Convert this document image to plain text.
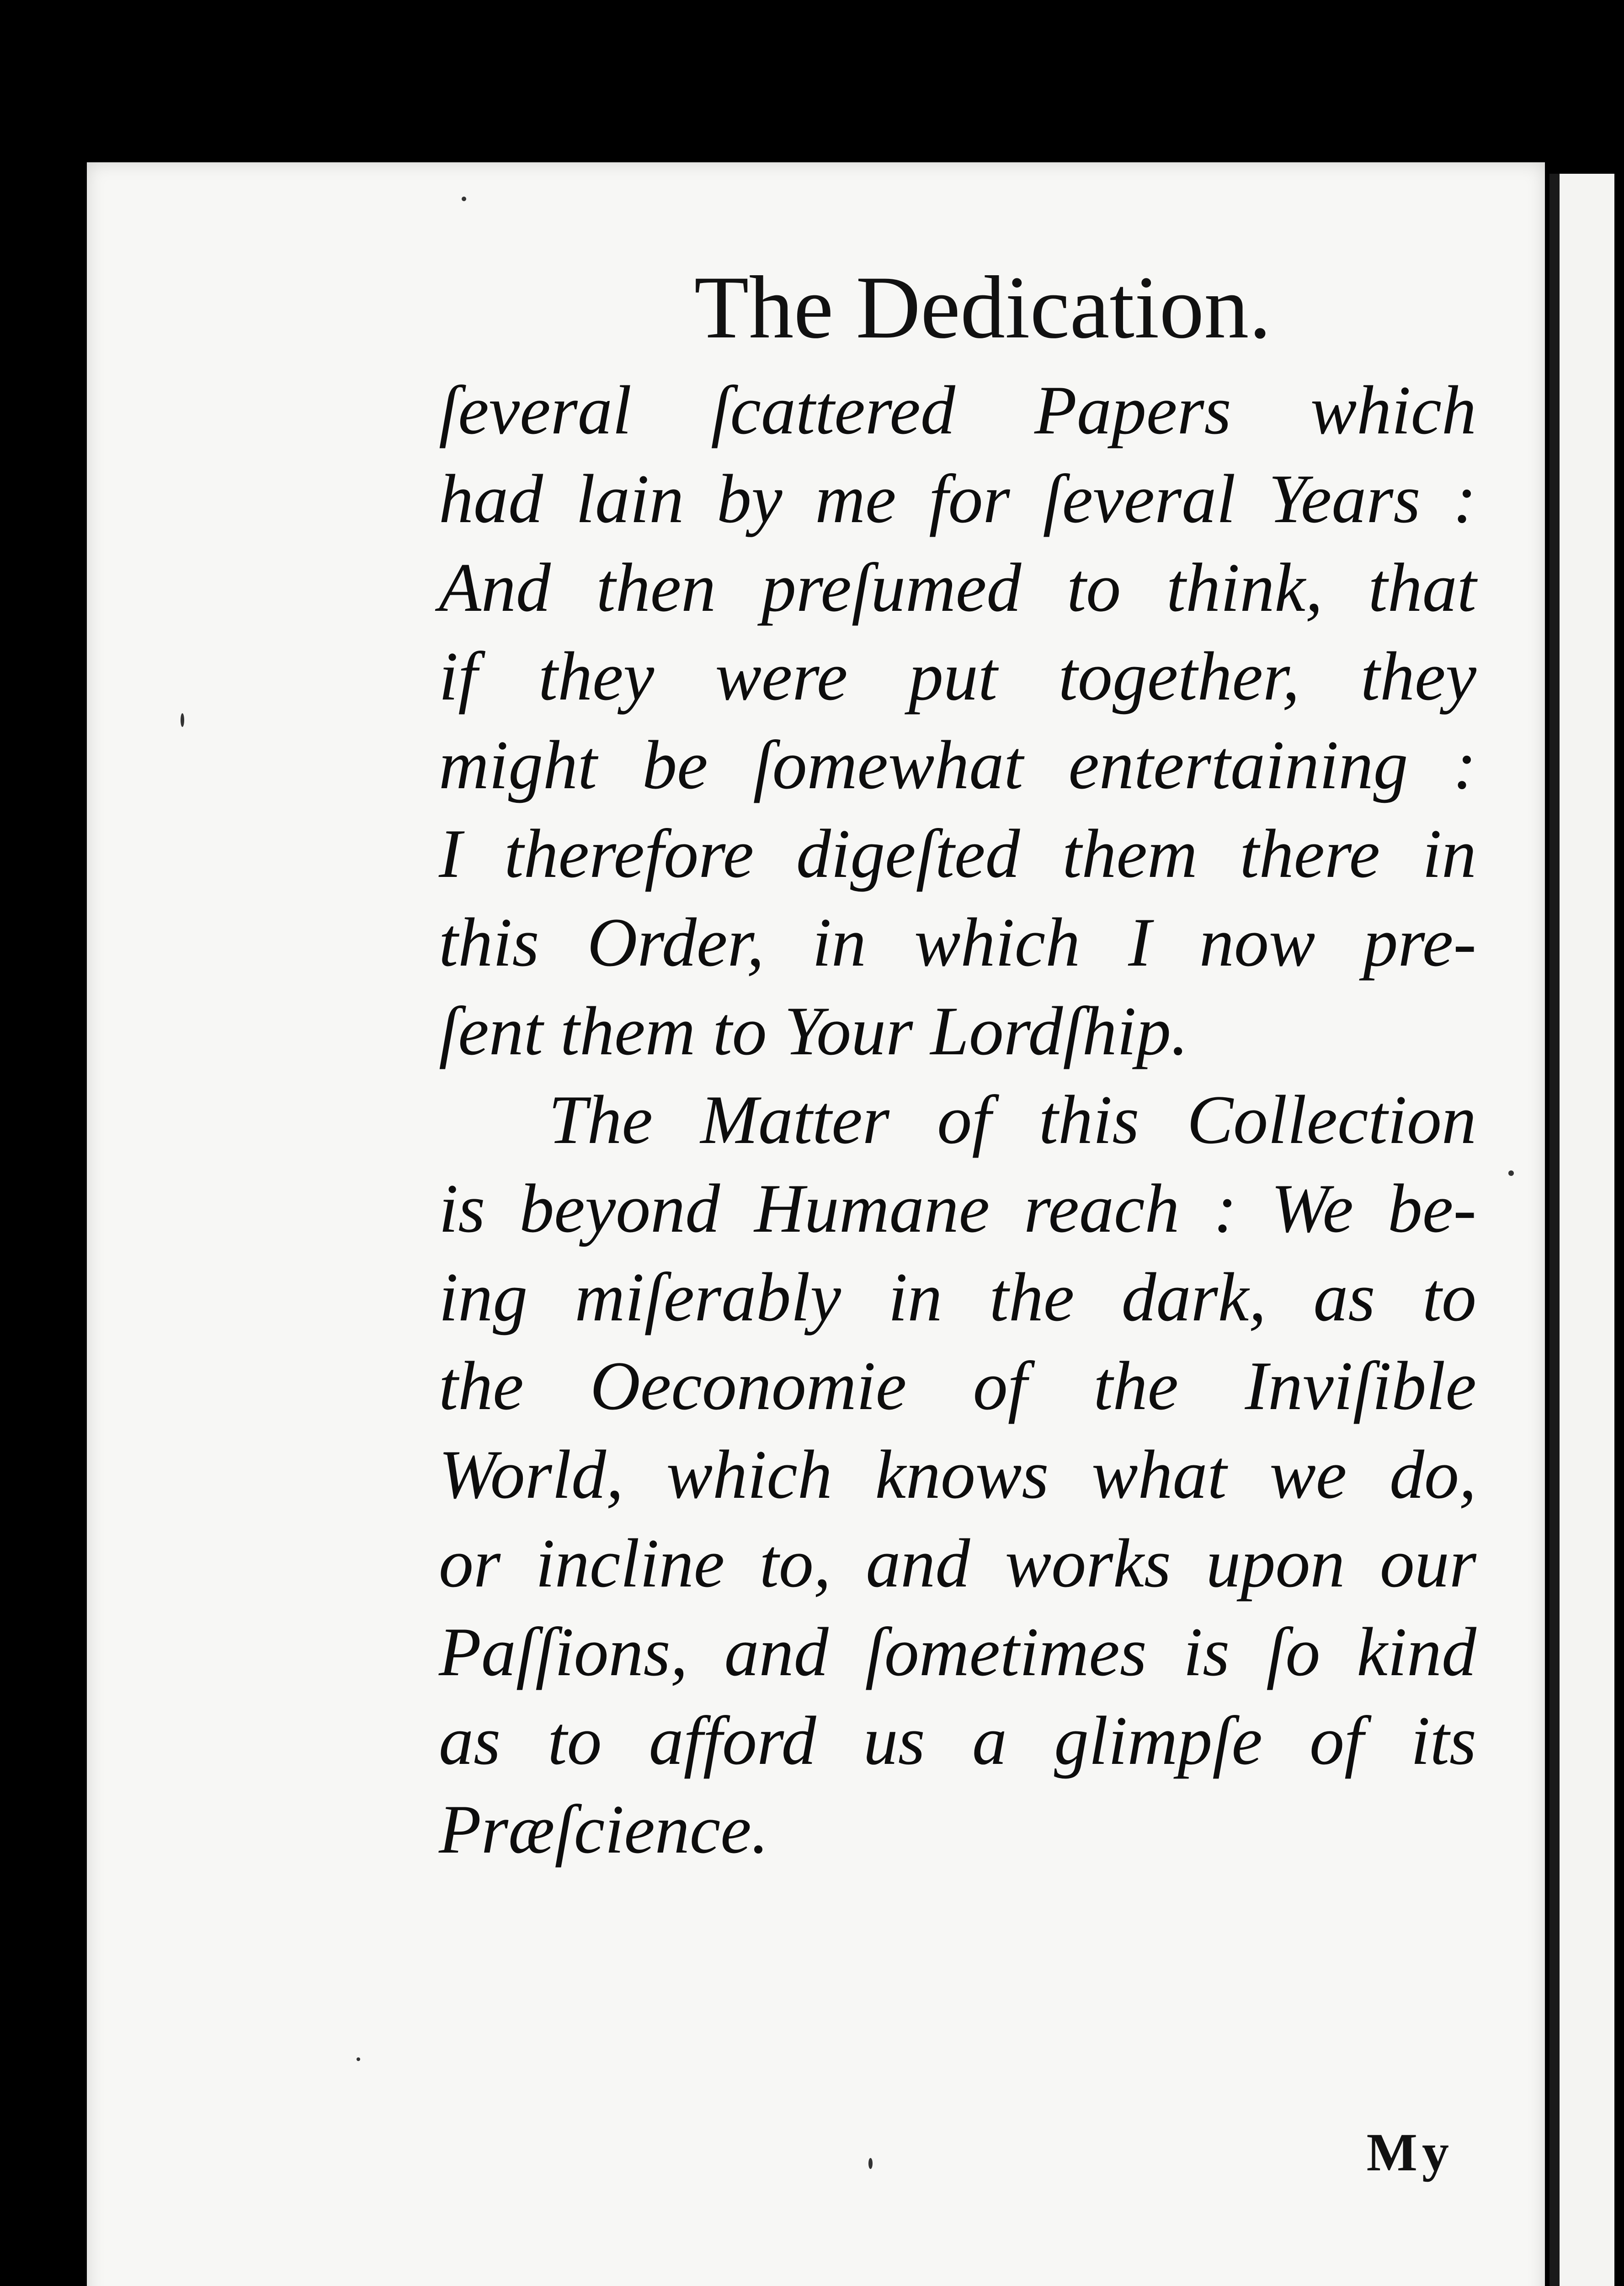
The Dedication.
ſeveral ſcattered Papers which
had lain by me for ſeveral Years :
And then preſumed to think, that
if they were put together, they
might be ſomewhat entertaining :
I therefore digeſted them there in
this Order, in which I now pre-
ſent them to Your Lordſhip.
The Matter of this Collection
is beyond Humane reach : We be-
ing miſerably in the dark, as to
the Oeconomie of the Inviſible
World, which knows what we do,
or incline to, and works upon our
Paſſions, and ſometimes is ſo kind
as to afford us a glimpſe of its
Præſcience.
My
